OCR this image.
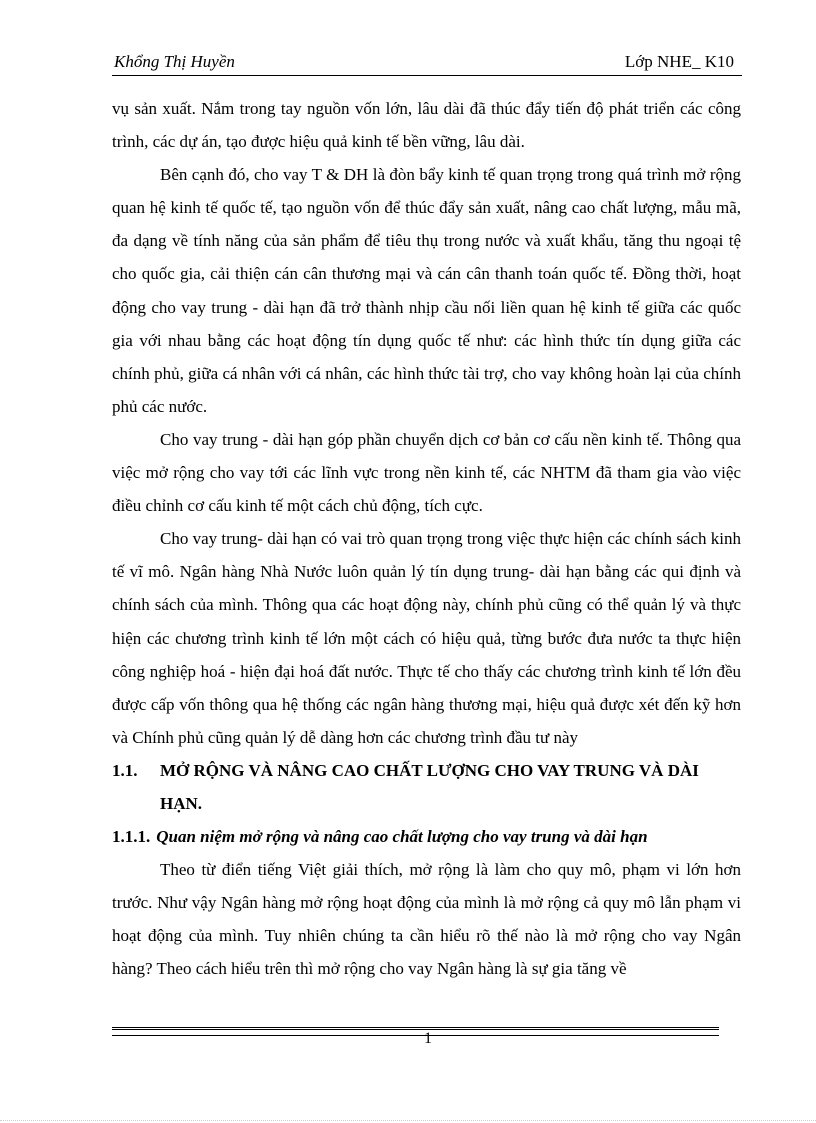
Khổng Thị Huyền	Lớp NHE_ K10

vụ sản xuất. Nắm trong tay nguồn vốn lớn, lâu dài đã thúc đẩy tiến độ phát triển các công trình, các dự án, tạo được hiệu quả kinh tế bền vững, lâu dài.

Bên cạnh đó, cho vay T & DH là đòn bẩy kinh tế quan trọng trong quá trình mở rộng quan hệ kinh tế quốc tế, tạo nguồn vốn để thúc đẩy sản xuất, nâng cao chất lượng, mẫu mã, đa dạng về tính năng của sản phẩm để tiêu thụ trong nước và xuất khẩu, tăng thu ngoại tệ cho quốc gia, cải thiện cán cân thương mại và cán cân thanh toán quốc tế. Đồng thời, hoạt động cho vay trung - dài hạn đã trở thành nhịp cầu nối liền quan hệ kinh tế giữa các quốc gia với nhau bằng các hoạt động tín dụng quốc tế như: các hình thức tín dụng giữa các chính phủ, giữa cá nhân với cá nhân, các hình thức tài trợ, cho vay không hoàn lại của chính phủ các nước.

Cho vay trung - dài hạn góp phần chuyển dịch cơ bản cơ cấu nền kinh tế. Thông qua việc mở rộng cho vay tới các lĩnh vực trong nền kinh tế, các NHTM đã tham gia vào việc điều chỉnh cơ cấu kinh tế một cách chủ động, tích cực.

Cho vay trung- dài hạn có vai trò quan trọng trong việc thực hiện các chính sách kinh tế vĩ mô. Ngân hàng Nhà Nước luôn quản lý tín dụng trung- dài hạn bằng các qui định và chính sách của mình. Thông qua các hoạt động này, chính phủ cũng có thể quản lý và thực hiện các chương trình kinh tế lớn một cách có hiệu quả, từng bước đưa nước ta thực hiện công nghiệp hoá - hiện đại hoá đất nước. Thực tế cho thấy các chương trình kinh tế lớn đều được cấp vốn thông qua hệ thống các ngân hàng thương mại, hiệu quả được xét đến kỹ hơn và Chính phủ cũng quản lý dễ dàng hơn các chương trình đầu tư này

1.1.	MỞ RỘNG VÀ NÂNG CAO CHẤT LƯỢNG CHO VAY TRUNG VÀ DÀI HẠN.
1.1.1. Quan niệm mở rộng và nâng cao chất lượng cho vay trung và dài hạn

Theo từ điển tiếng Việt giải thích, mở rộng là làm cho quy mô, phạm vi lớn hơn trước. Như vậy Ngân hàng mở rộng hoạt động của mình là mở rộng cả quy mô lẫn phạm vi hoạt động của mình. Tuy nhiên chúng ta cần hiểu rõ thế nào là mở rộng cho vay Ngân hàng? Theo cách hiểu trên thì mở rộng cho vay Ngân hàng là sự gia tăng về

1
